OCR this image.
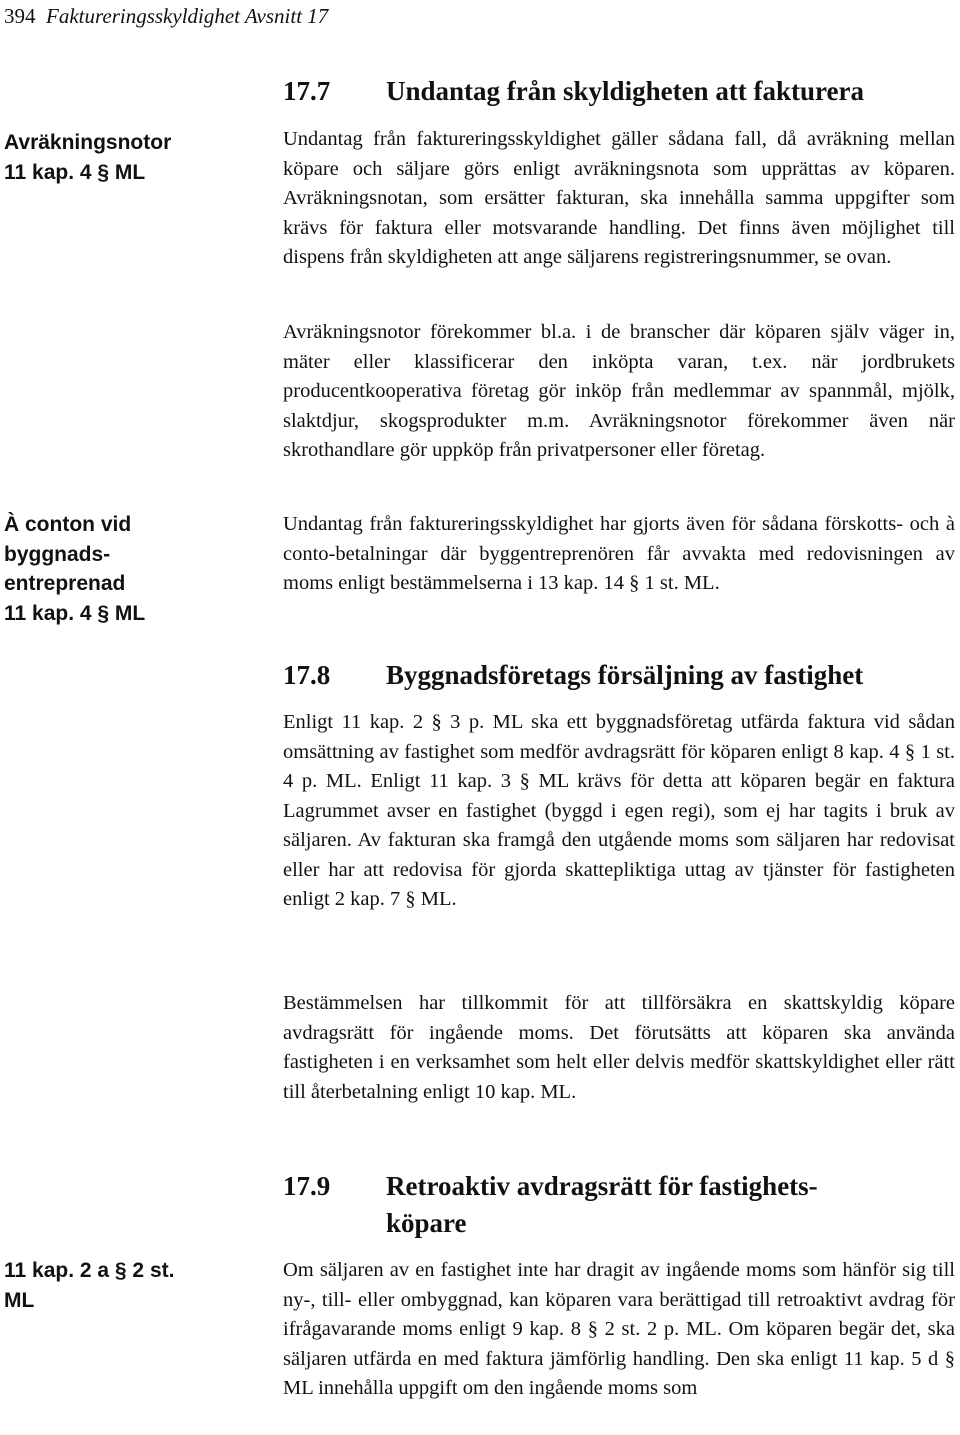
394 Faktureringsskyldighet Avsnitt 17
Avräkningsnotor
11 kap. 4 § ML
À conton vid
byggnads-
entreprenad
11 kap. 4 § ML
11 kap. 2 a § 2 st.
ML
17.7	Undantag från skyldigheten att fakturera

Undantag från faktureringsskyldighet gäller sådana fall, då avräkning mellan köpare och säljare görs enligt avräkningsnota som upprättas av köparen. Avräkningsnotan, som ersätter fakturan, ska innehålla samma uppgifter som krävs för faktura eller motsvarande handling. Det finns även möjlighet till dispens från skyldigheten att ange säljarens registreringsnummer, se ovan.

Avräkningsnotor förekommer bl.a. i de branscher där köparen själv väger in, mäter eller klassificerar den inköpta varan, t.ex. när jordbrukets producentkooperativa företag gör inköp från medlemmar av spannmål, mjölk, slaktdjur, skogsprodukter m.m. Avräkningsnotor förekommer även när skrothandlare gör uppköp från privatpersoner eller företag.

Undantag från faktureringsskyldighet har gjorts även för sådana förskotts- och à conto-betalningar där byggentreprenören får avvakta med redovisningen av moms enligt bestämmelserna i 13 kap. 14 § 1 st. ML.

17.8	Byggnadsföretags försäljning av fastighet

Enligt 11 kap. 2 § 3 p. ML ska ett byggnadsföretag utfärda faktura vid sådan omsättning av fastighet som medför avdragsrätt för köparen enligt 8 kap. 4 § 1 st. 4 p. ML. Enligt 11 kap. 3 § ML krävs för detta att köparen begär en faktura Lagrummet avser en fastighet (byggd i egen regi), som ej har tagits i bruk av säljaren. Av fakturan ska framgå den utgående moms som säljaren har redovisat eller har att redovisa för gjorda skattepliktiga uttag av tjänster för fastigheten enligt 2 kap. 7 § ML.

Bestämmelsen har tillkommit för att tillförsäkra en skattskyldig köpare avdragsrätt för ingående moms. Det förutsätts att köparen ska använda fastigheten i en verksamhet som helt eller delvis medför skattskyldighet eller rätt till återbetalning enligt 10 kap. ML.

17.9	Retroaktiv avdragsrätt för fastighets-köpare

Om säljaren av en fastighet inte har dragit av ingående moms som hänför sig till ny-, till- eller ombyggnad, kan köparen vara berättigad till retroaktivt avdrag för ifrågavarande moms enligt 9 kap. 8 § 2 st. 2 p. ML. Om köparen begär det, ska säljaren utfärda en med faktura jämförlig handling. Den ska enligt 11 kap. 5 d § ML innehålla uppgift om den ingående moms som
